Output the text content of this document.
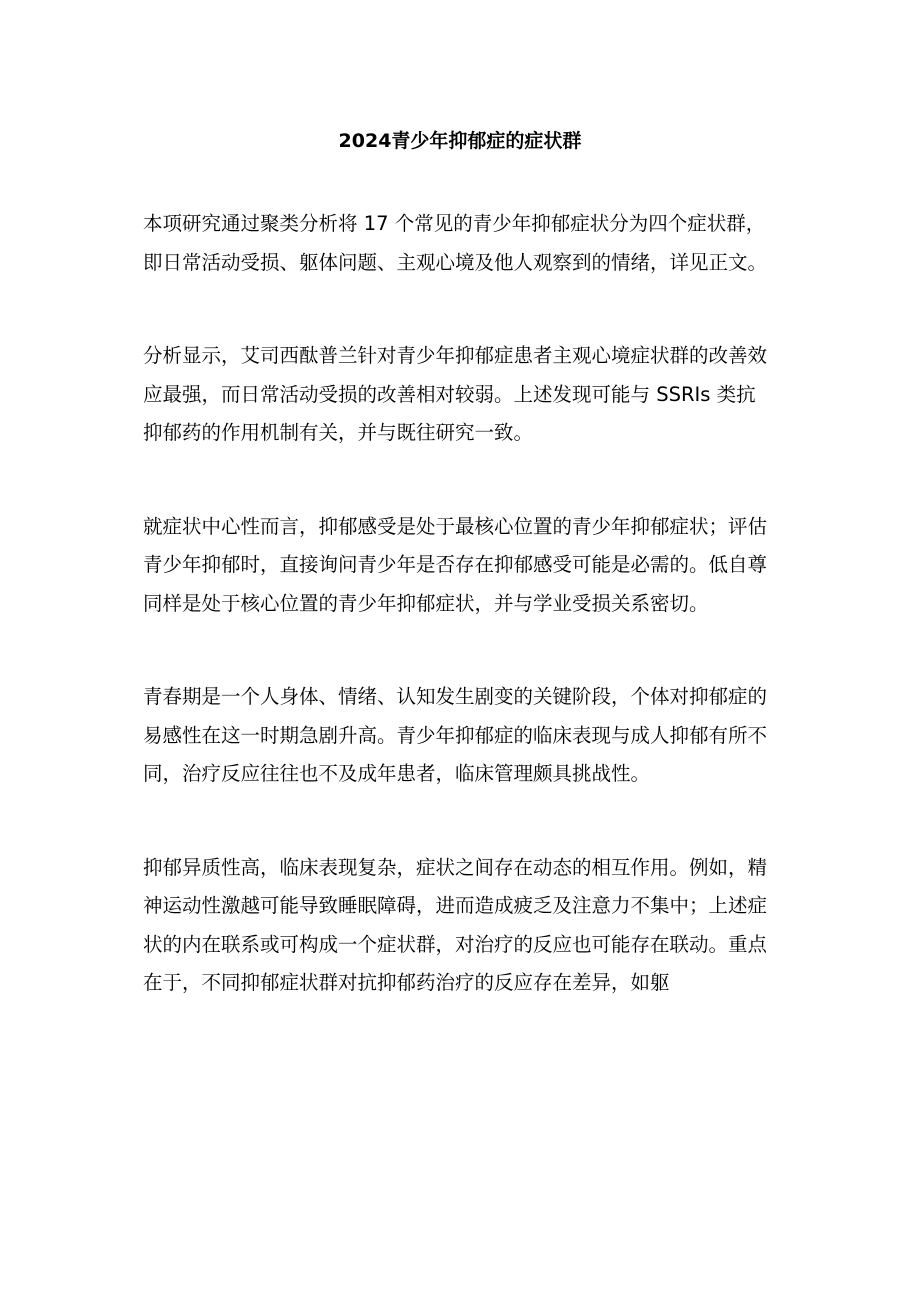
2024青少年抑郁症的症状群

本项研究通过聚类分析将 17 个常见的青少年抑郁症状分为四个症状群，即日常活动受损、躯体问题、主观心境及他人观察到的情绪，详见正文。

分析显示，艾司西酞普兰针对青少年抑郁症患者主观心境症状群的改善效应最强，而日常活动受损的改善相对较弱。上述发现可能与 SSRIs 类抗抑郁药的作用机制有关，并与既往研究一致。

就症状中心性而言，抑郁感受是处于最核心位置的青少年抑郁症状；评估青少年抑郁时，直接询问青少年是否存在抑郁感受可能是必需的。低自尊同样是处于核心位置的青少年抑郁症状，并与学业受损关系密切。

青春期是一个人身体、情绪、认知发生剧变的关键阶段，个体对抑郁症的易感性在这一时期急剧升高。青少年抑郁症的临床表现与成人抑郁有所不同，治疗反应往往也不及成年患者，临床管理颇具挑战性。

抑郁异质性高，临床表现复杂，症状之间存在动态的相互作用。例如，精神运动性激越可能导致睡眠障碍，进而造成疲乏及注意力不集中；上述症状的内在联系或可构成一个症状群，对治疗的反应也可能存在联动。重点在于，不同抑郁症状群对抗抑郁药治疗的反应存在差异，如躯
